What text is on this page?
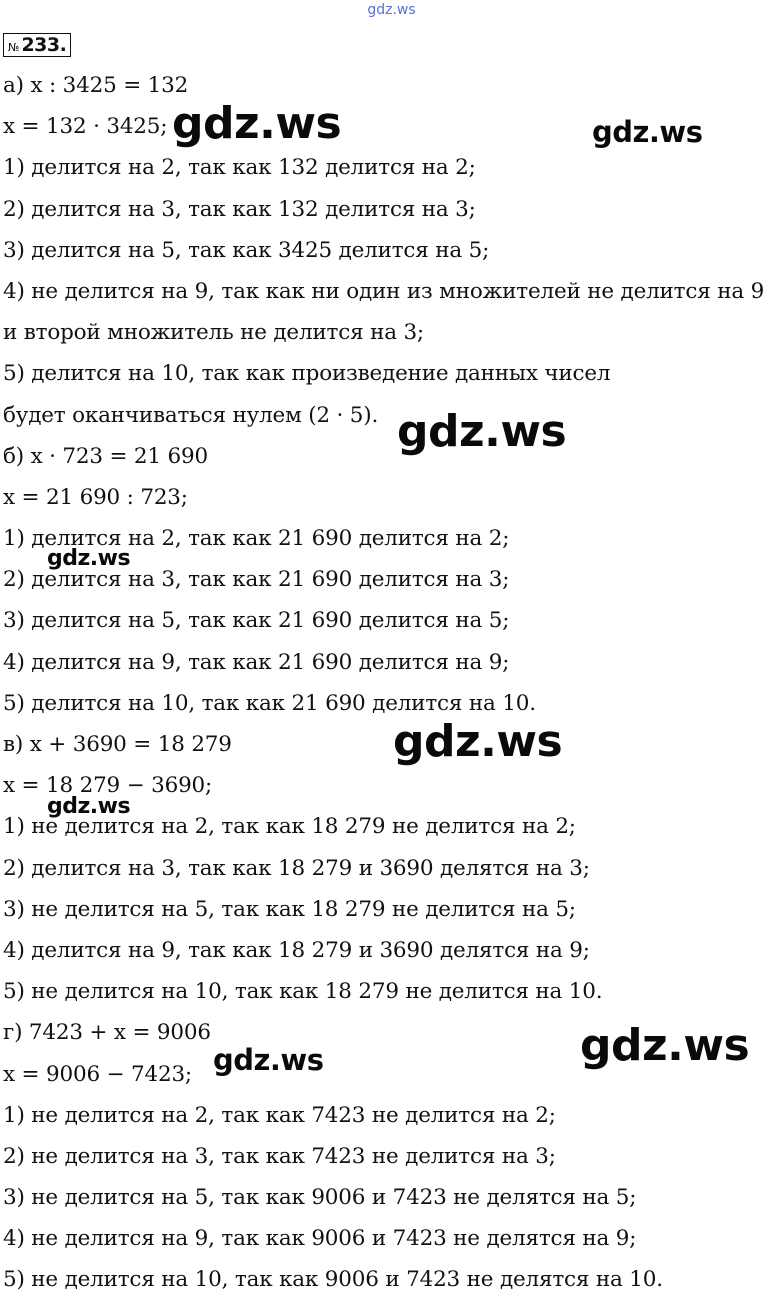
gdz.ws
№ 233.
а) x : 3425 = 132
x = 132 · 3425;
1) делится на 2, так как 132 делится на 2;
2) делится на 3, так как 132 делится на 3;
3) делится на 5, так как 3425 делится на 5;
4) не делится на 9, так как ни один из множителей не делится на 9
и второй множитель не делится на 3;
5) делится на 10, так как произведение данных чисел
будет оканчиваться нулем (2 · 5).
б) x · 723 = 21 690
x = 21 690 : 723;
1) делится на 2, так как 21 690 делится на 2;
2) делится на 3, так как 21 690 делится на 3;
3) делится на 5, так как 21 690 делится на 5;
4) делится на 9, так как 21 690 делится на 9;
5) делится на 10, так как 21 690 делится на 10.
в) x + 3690 = 18 279
x = 18 279 − 3690;
1) не делится на 2, так как 18 279 не делится на 2;
2) делится на 3, так как 18 279 и 3690 делятся на 3;
3) не делится на 5, так как 18 279 не делится на 5;
4) делится на 9, так как 18 279 и 3690 делятся на 9;
5) не делится на 10, так как 18 279 не делится на 10.
г) 7423 + x = 9006
x = 9006 − 7423;
1) не делится на 2, так как 7423 не делится на 2;
2) не делится на 3, так как 7423 не делится на 3;
3) не делится на 5, так как 9006 и 7423 не делятся на 5;
4) не делится на 9, так как 9006 и 7423 не делятся на 9;
5) не делится на 10, так как 9006 и 7423 не делятся на 10.
gdz.ws	gdz.ws
gdz.ws
gdz.ws
gdz.ws
gdz.ws
gdz.ws
gdz.ws
